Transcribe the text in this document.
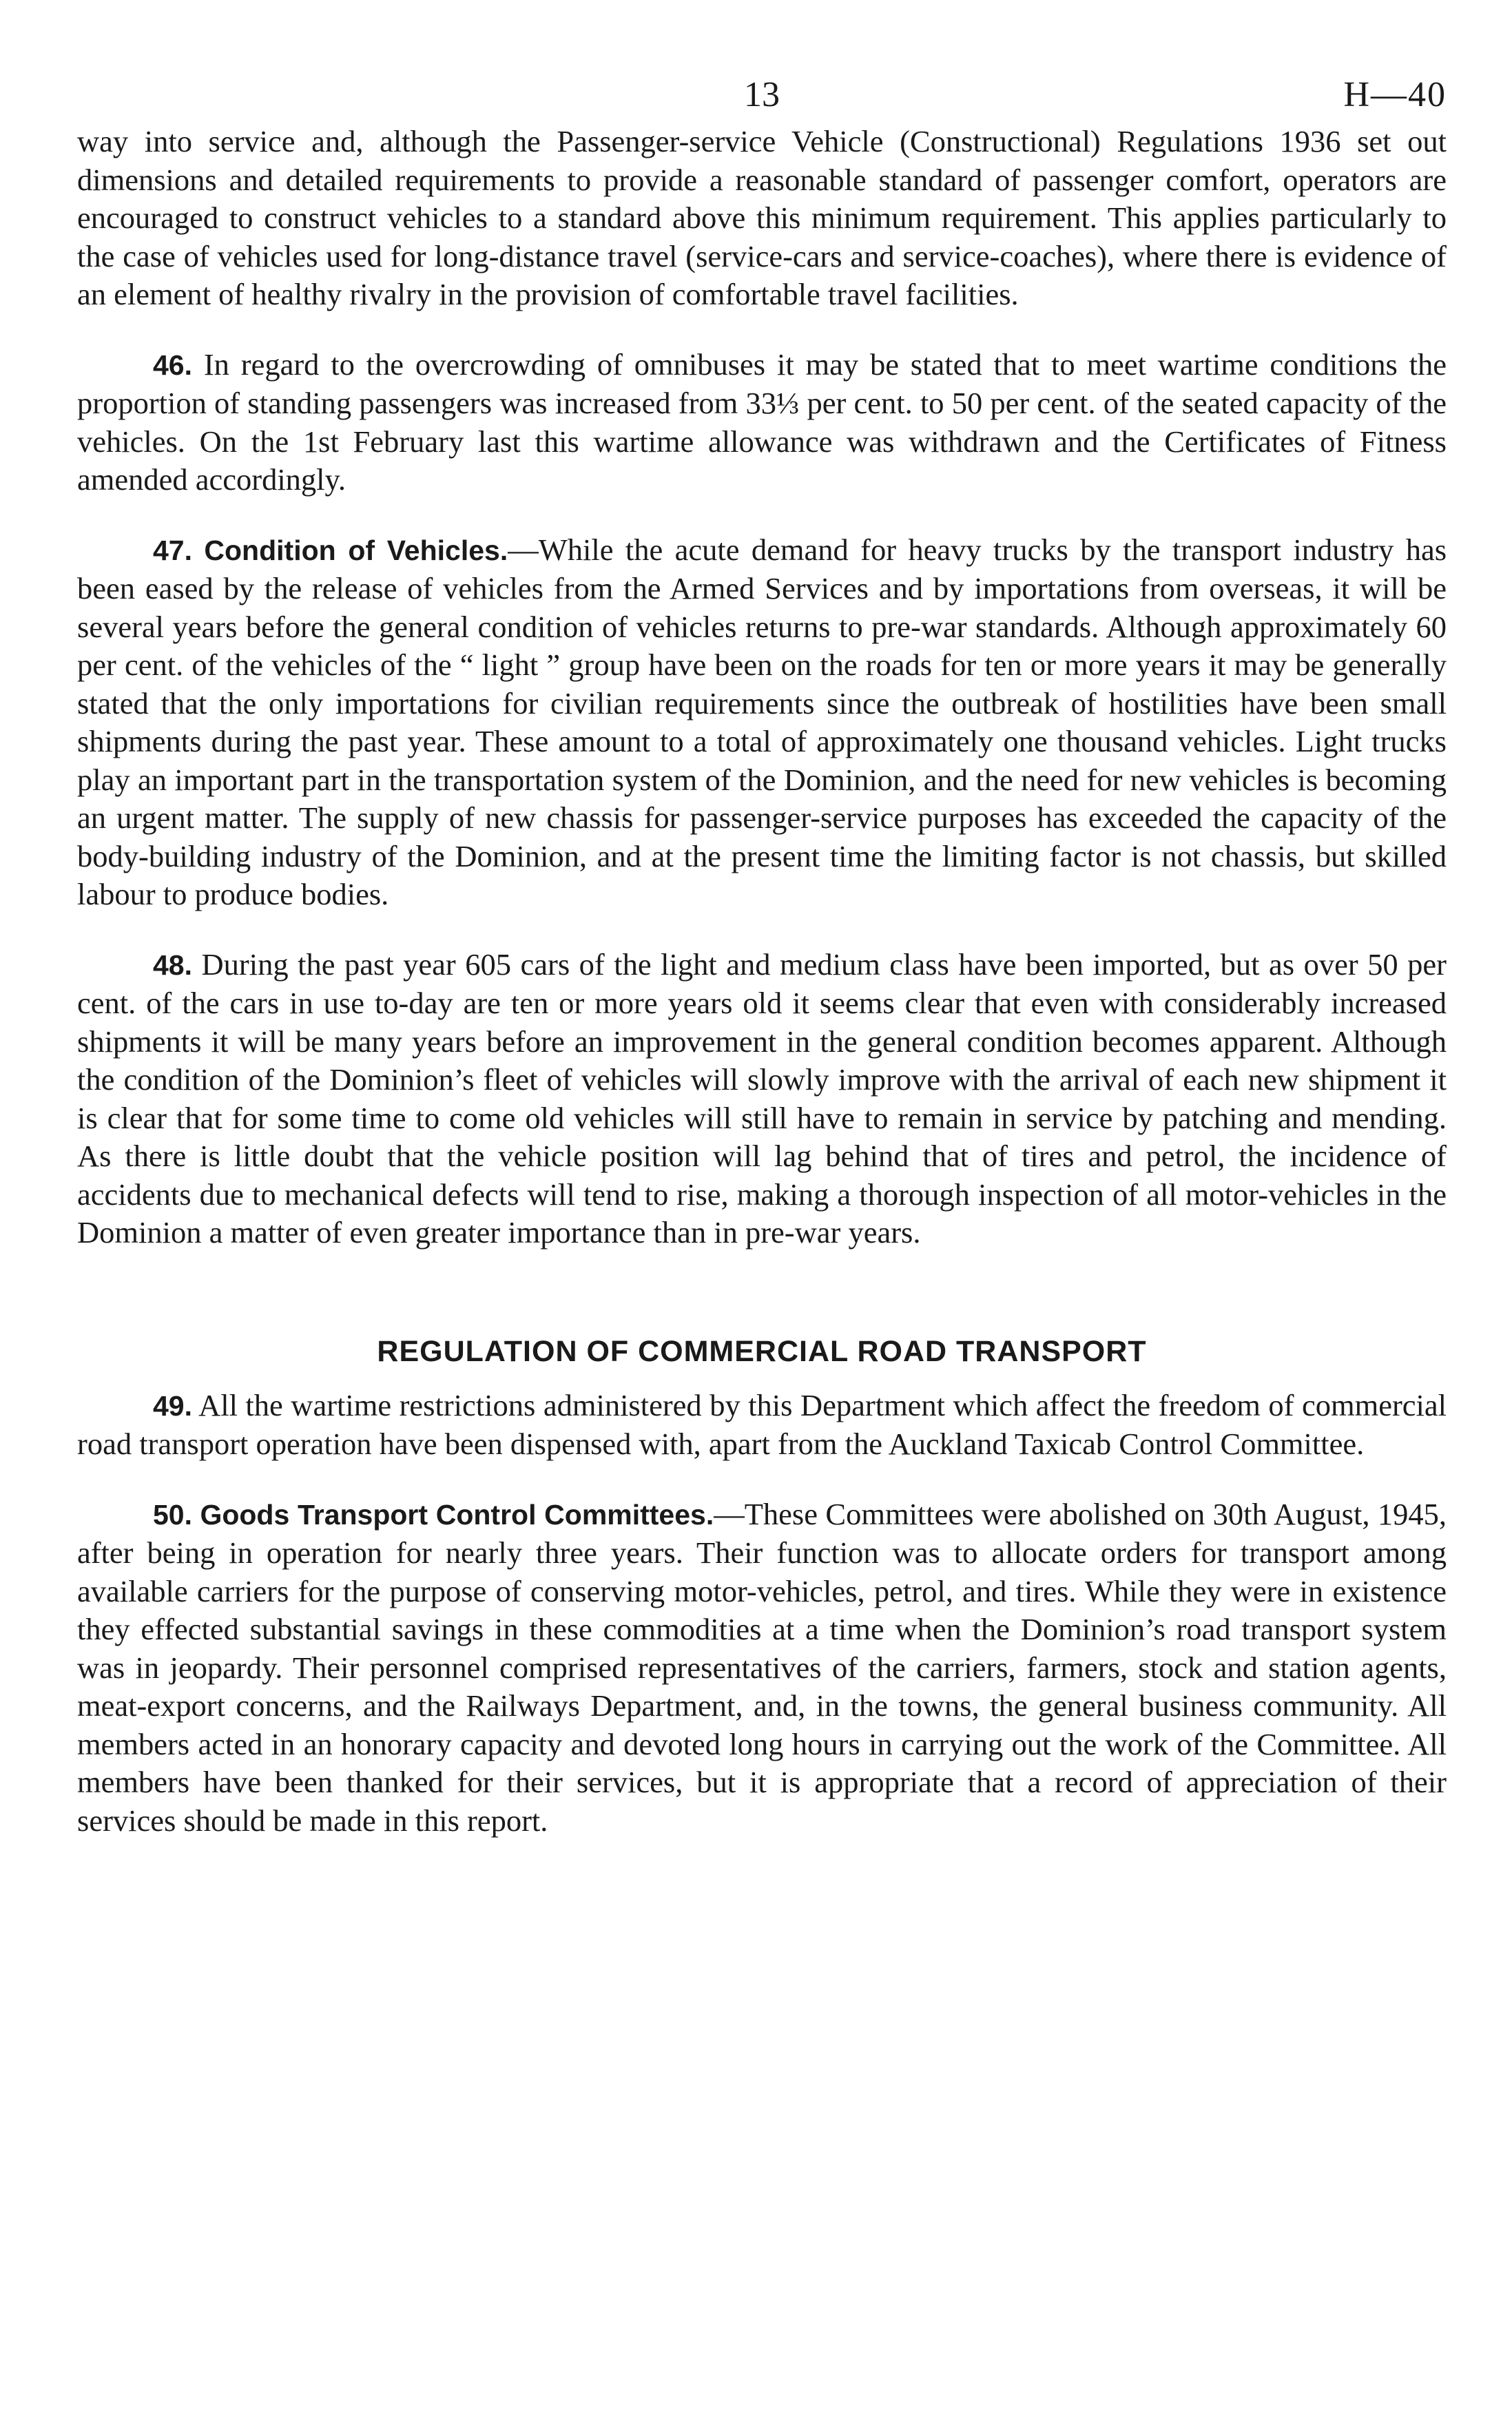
13	H—40

way into service and, although the Passenger-service Vehicle (Constructional) Regulations 1936 set out dimensions and detailed requirements to provide a reasonable standard of passenger comfort, operators are encouraged to construct vehicles to a standard above this minimum requirement. This applies particularly to the case of vehicles used for long-distance travel (service-cars and service-coaches), where there is evidence of an element of healthy rivalry in the provision of comfortable travel facilities.

46. In regard to the overcrowding of omnibuses it may be stated that to meet wartime conditions the proportion of standing passengers was increased from 33⅓ per cent. to 50 per cent. of the seated capacity of the vehicles. On the 1st February last this wartime allowance was withdrawn and the Certificates of Fitness amended accordingly.

47. Condition of Vehicles.—While the acute demand for heavy trucks by the transport industry has been eased by the release of vehicles from the Armed Services and by importations from overseas, it will be several years before the general condition of vehicles returns to pre-war standards. Although approximately 60 per cent. of the vehicles of the “ light ” group have been on the roads for ten or more years it may be generally stated that the only importations for civilian requirements since the outbreak of hostilities have been small shipments during the past year. These amount to a total of approximately one thousand vehicles. Light trucks play an important part in the transportation system of the Dominion, and the need for new vehicles is becoming an urgent matter. The supply of new chassis for passenger-service purposes has exceeded the capacity of the body-building industry of the Dominion, and at the present time the limiting factor is not chassis, but skilled labour to produce bodies.

48. During the past year 605 cars of the light and medium class have been imported, but as over 50 per cent. of the cars in use to-day are ten or more years old it seems clear that even with considerably increased shipments it will be many years before an improvement in the general condition becomes apparent. Although the condition of the Dominion’s fleet of vehicles will slowly improve with the arrival of each new shipment it is clear that for some time to come old vehicles will still have to remain in service by patching and mending. As there is little doubt that the vehicle position will lag behind that of tires and petrol, the incidence of accidents due to mechanical defects will tend to rise, making a thorough inspection of all motor-vehicles in the Dominion a matter of even greater importance than in pre-war years.

REGULATION OF COMMERCIAL ROAD TRANSPORT

49. All the wartime restrictions administered by this Department which affect the freedom of commercial road transport operation have been dispensed with, apart from the Auckland Taxicab Control Committee.

50. Goods Transport Control Committees.—These Committees were abolished on 30th August, 1945, after being in operation for nearly three years. Their function was to allocate orders for transport among available carriers for the purpose of conserving motor-vehicles, petrol, and tires. While they were in existence they effected substantial savings in these commodities at a time when the Dominion’s road transport system was in jeopardy. Their personnel comprised representatives of the carriers, farmers, stock and station agents, meat-export concerns, and the Railways Department, and, in the towns, the general business community. All members acted in an honorary capacity and devoted long hours in carrying out the work of the Committee. All members have been thanked for their services, but it is appropriate that a record of appreciation of their services should be made in this report.
